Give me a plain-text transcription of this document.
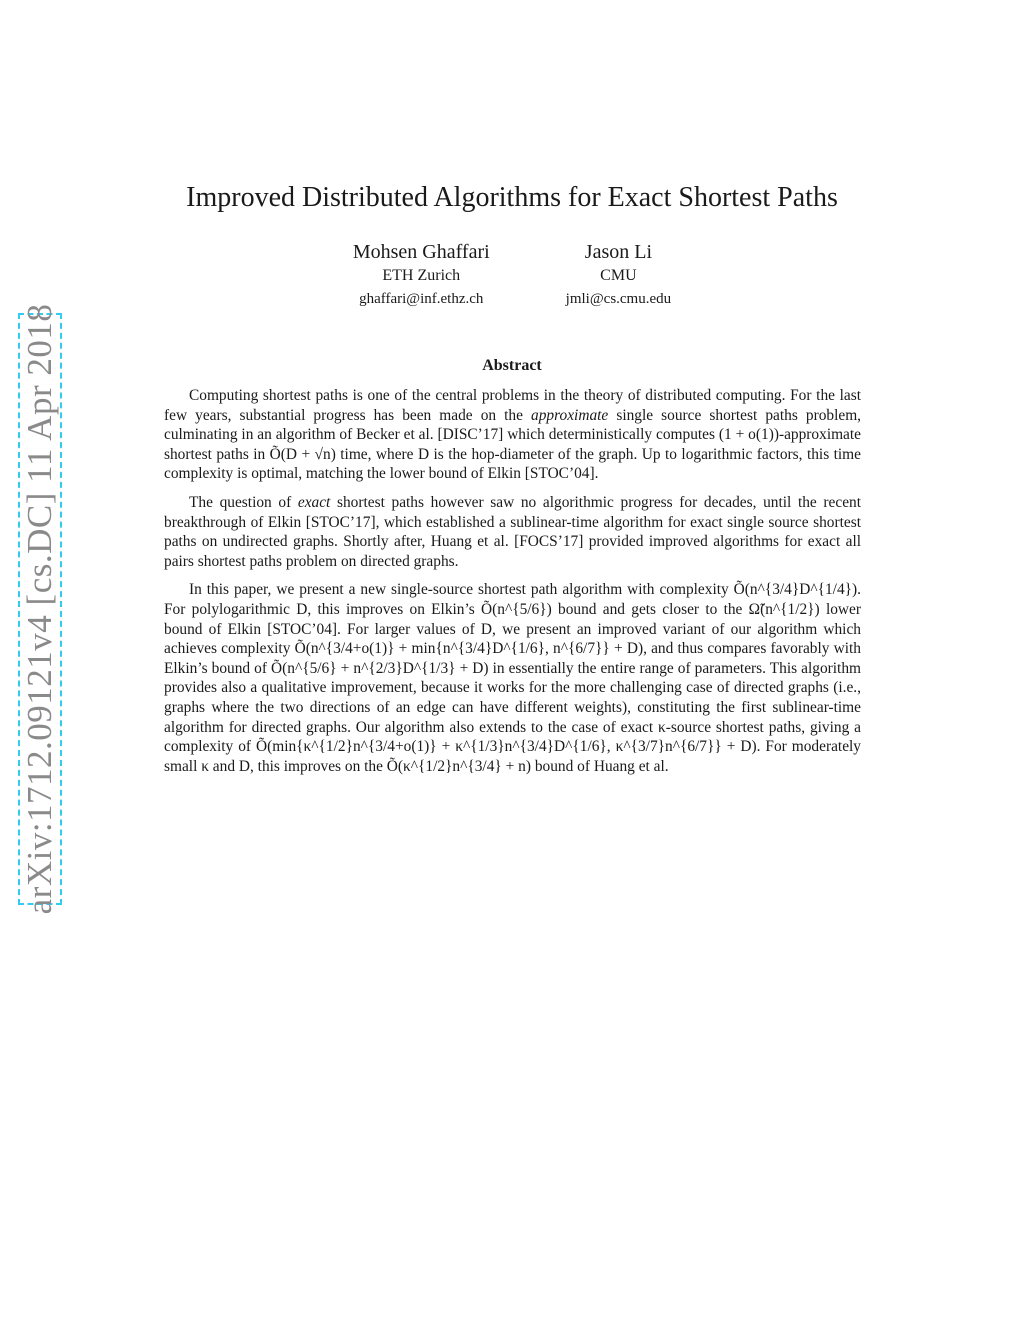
arXiv:1712.09121v4 [cs.DC] 11 Apr 2018
Improved Distributed Algorithms for Exact Shortest Paths
Mohsen Ghaffari
ETH Zurich
ghaffari@inf.ethz.ch
Jason Li
CMU
jmli@cs.cmu.edu
Abstract

Computing shortest paths is one of the central problems in the theory of distributed computing. For the last few years, substantial progress has been made on the approximate single source shortest paths problem, culminating in an algorithm of Becker et al. [DISC’17] which deterministically computes (1 + o(1))-approximate shortest paths in Õ(D + √n) time, where D is the hop-diameter of the graph. Up to logarithmic factors, this time complexity is optimal, matching the lower bound of Elkin [STOC’04].

The question of exact shortest paths however saw no algorithmic progress for decades, until the recent breakthrough of Elkin [STOC’17], which established a sublinear-time algorithm for exact single source shortest paths on undirected graphs. Shortly after, Huang et al. [FOCS’17] provided improved algorithms for exact all pairs shortest paths problem on directed graphs.

In this paper, we present a new single-source shortest path algorithm with complexity Õ(n^{3/4}D^{1/4}). For polylogarithmic D, this improves on Elkin’s Õ(n^{5/6}) bound and gets closer to the Ω̃(n^{1/2}) lower bound of Elkin [STOC’04]. For larger values of D, we present an improved variant of our algorithm which achieves complexity Õ(n^{3/4+o(1)} + min{n^{3/4}D^{1/6}, n^{6/7}} + D), and thus compares favorably with Elkin’s bound of Õ(n^{5/6} + n^{2/3}D^{1/3} + D) in essentially the entire range of parameters. This algorithm provides also a qualitative improvement, because it works for the more challenging case of directed graphs (i.e., graphs where the two directions of an edge can have different weights), constituting the first sublinear-time algorithm for directed graphs. Our algorithm also extends to the case of exact κ-source shortest paths, giving a complexity of Õ(min{κ^{1/2}n^{3/4+o(1)} + κ^{1/3}n^{3/4}D^{1/6}, κ^{3/7}n^{6/7}} + D). For moderately small κ and D, this improves on the Õ(κ^{1/2}n^{3/4} + n) bound of Huang et al.
